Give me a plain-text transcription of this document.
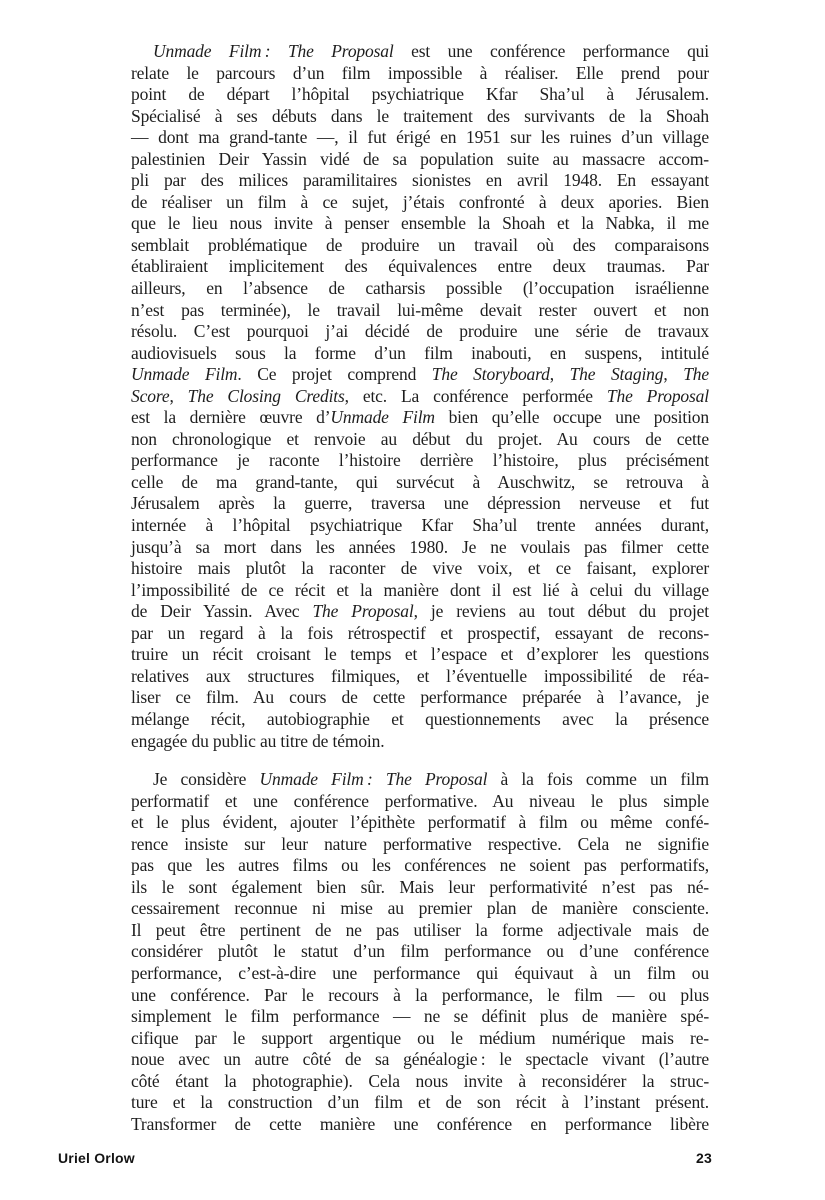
Unmade Film : The Proposal est une conférence performance qui
relate le parcours d’un film impossible à réaliser. Elle prend pour
point de départ l’hôpital psychiatrique Kfar Sha’ul à Jérusalem.
Spécialisé à ses débuts dans le traitement des survivants de la Shoah
— dont ma grand-tante —, il fut érigé en 1951 sur les ruines d’un village
palestinien Deir Yassin vidé de sa population suite au massacre accom-
pli par des milices paramilitaires sionistes en avril 1948. En essayant
de réaliser un film à ce sujet, j’étais confronté à deux apories. Bien
que le lieu nous invite à penser ensemble la Shoah et la Nabka, il me
semblait problématique de produire un travail où des comparaisons
établiraient implicitement des équivalences entre deux traumas. Par
ailleurs, en l’absence de catharsis possible (l’occupation israélienne
n’est pas terminée), le travail lui-même devait rester ouvert et non
résolu. C’est pourquoi j’ai décidé de produire une série de travaux
audiovisuels sous la forme d’un film inabouti, en suspens, intitulé
Unmade Film. Ce projet comprend The Storyboard, The Staging, The
Score, The Closing Credits, etc. La conférence performée The Proposal
est la dernière œuvre d’Unmade Film bien qu’elle occupe une position
non chronologique et renvoie au début du projet. Au cours de cette
performance je raconte l’histoire derrière l’histoire, plus précisément
celle de ma grand-tante, qui survécut à Auschwitz, se retrouva à
Jérusalem après la guerre, traversa une dépression nerveuse et fut
internée à l’hôpital psychiatrique Kfar Sha’ul trente années durant,
jusqu’à sa mort dans les années 1980. Je ne voulais pas filmer cette
histoire mais plutôt la raconter de vive voix, et ce faisant, explorer
l’impossibilité de ce récit et la manière dont il est lié à celui du village
de Deir Yassin. Avec The Proposal, je reviens au tout début du projet
par un regard à la fois rétrospectif et prospectif, essayant de recons-
truire un récit croisant le temps et l’espace et d’explorer les questions
relatives aux structures filmiques, et l’éventuelle impossibilité de réa-
liser ce film. Au cours de cette performance préparée à l’avance, je
mélange récit, autobiographie et questionnements avec la présence
engagée du public au titre de témoin.
Je considère Unmade Film : The Proposal à la fois comme un film
performatif et une conférence performative. Au niveau le plus simple
et le plus évident, ajouter l’épithète performatif à film ou même confé-
rence insiste sur leur nature performative respective. Cela ne signifie
pas que les autres films ou les conférences ne soient pas performatifs,
ils le sont également bien sûr. Mais leur performativité n’est pas né-
cessairement reconnue ni mise au premier plan de manière consciente.
Il peut être pertinent de ne pas utiliser la forme adjectivale mais de
considérer plutôt le statut d’un film performance ou d’une conférence
performance, c’est-à-dire une performance qui équivaut à un film ou
une conférence. Par le recours à la performance, le film — ou plus
simplement le film performance — ne se définit plus de manière spé-
cifique par le support argentique ou le médium numérique mais re-
noue avec un autre côté de sa généalogie : le spectacle vivant (l’autre
côté étant la photographie). Cela nous invite à reconsidérer la struc-
ture et la construction d’un film et de son récit à l’instant présent.
Transformer de cette manière une conférence en performance libère
Uriel Orlow	23
